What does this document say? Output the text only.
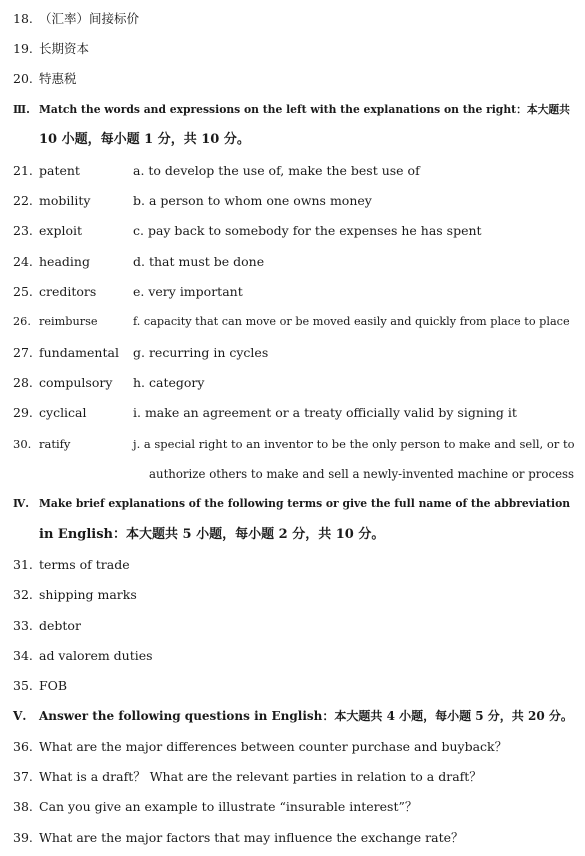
18. （汇率）间接标价
19. 长期资本
20. 特惠税
Ⅲ. Match the words and expressions on the left with the explanations on the right：本大题共
10 小题，每小题 1 分，共 10 分。
21. patent	a. to develop the use of, make the best use of
22. mobility	b. a person to whom one owns money
23. exploit	c. pay back to somebody for the expenses he has spent
24. heading	d. that must be done
25. creditors	e. very important
26. reimburse	f. capacity that can move or be moved easily and quickly from place to place
27. fundamental g. recurring in cycles
28. compulsory h. category
29. cyclical	i. make an agreement or a treaty officially valid by signing it
30. ratify	j. a special right to an inventor to be the only person to make and sell, or to
authorize others to make and sell a newly-invented machine or process
Ⅳ. Make brief explanations of the following terms or give the full name of the abbreviation
in English：本大题共 5 小题，每小题 2 分，共 10 分。
31. terms of trade
32. shipping marks
33. debtor
34. ad valorem duties
35. FOB
Ⅴ. Answer the following questions in English：本大题共 4 小题，每小题 5 分，共 20 分。
36. What are the major differences between counter purchase and buyback？
37. What is a draft？ What are the relevant parties in relation to a draft？
38. Can you give an example to illustrate “insurable interest”？
39. What are the major factors that may influence the exchange rate？
